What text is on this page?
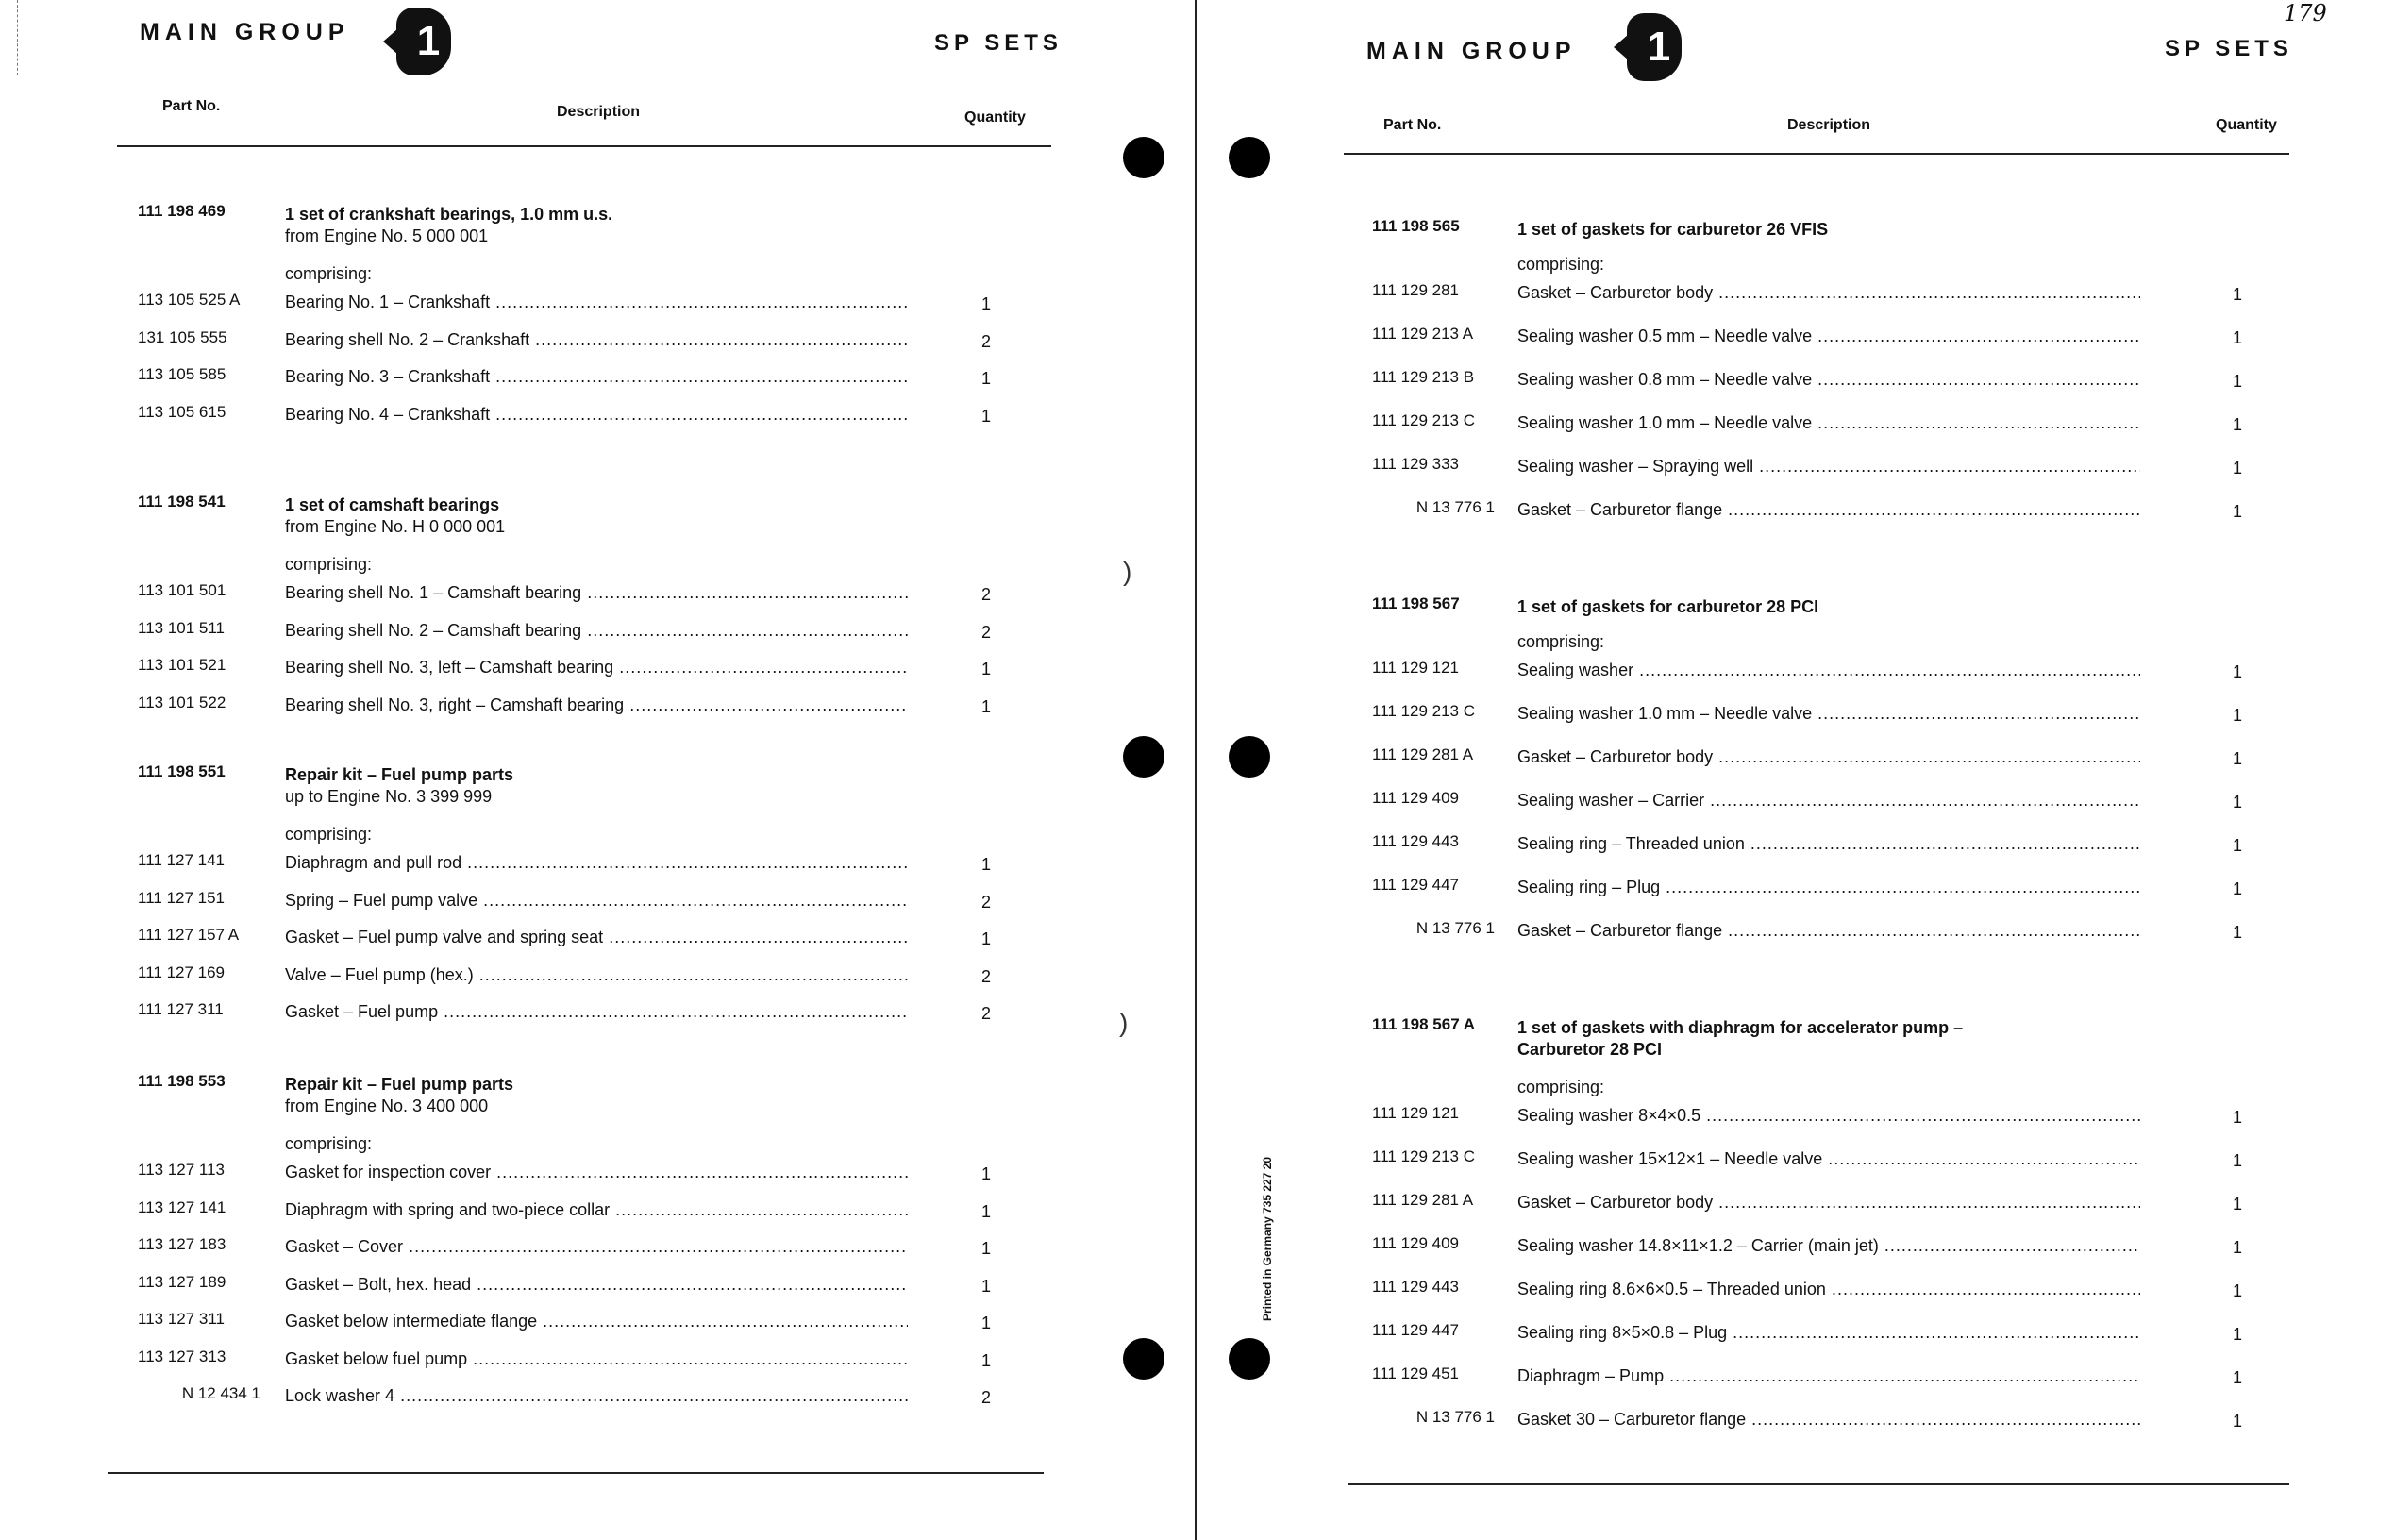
MAIN GROUP 1	SP SETS
Part No.	Description	Quantity
111 198 469	1 set of crankshaft bearings, 1.0 mm u.s.
from Engine No. 5 000 001
comprising:
113 105 525 A	Bearing No. 1 – Crankshaft .....	1
131 105 555	Bearing shell No. 2 – Crankshaft .....	2
113 105 585	Bearing No. 3 – Crankshaft .....	1
113 105 615	Bearing No. 4 – Crankshaft .....	1
111 198 541	1 set of camshaft bearings
from Engine No. H 0 000 001
comprising:
113 101 501	Bearing shell No. 1 – Camshaft bearing .....	2
113 101 511	Bearing shell No. 2 – Camshaft bearing .....	2
113 101 521	Bearing shell No. 3, left – Camshaft bearing .....	1
113 101 522	Bearing shell No. 3, right – Camshaft bearing .....	1
111 198 551	Repair kit – Fuel pump parts
up to Engine No. 3 399 999
comprising:
111 127 141	Diaphragm and pull rod .....	1
111 127 151	Spring – Fuel pump valve .....	2
111 127 157 A	Gasket – Fuel pump valve and spring seat .....	1
111 127 169	Valve – Fuel pump (hex.) .....	2
111 127 311	Gasket – Fuel pump .....	2
111 198 553	Repair kit – Fuel pump parts
from Engine No. 3 400 000
comprising:
113 127 113	Gasket for inspection cover .....	1
113 127 141	Diaphragm with spring and two-piece collar .....	1
113 127 183	Gasket – Cover .....	1
113 127 189	Gasket – Bolt, hex. head .....	1
113 127 311	Gasket below intermediate flange .....	1
113 127 313	Gasket below fuel pump .....	1
N 12 434 1 Lock washer 4 .....	2
)
)
Printed in Germany 735 227 20
MAIN GROUP 1	SP SETS
179
Part No.	Description	Quantity
111 198 565	1 set of gaskets for carburetor 26 VFIS
comprising:
111 129 281	Gasket – Carburetor body .....	1
111 129 213 A	Sealing washer 0.5 mm – Needle valve .....	1
111 129 213 B	Sealing washer 0.8 mm – Needle valve .....	1
111 129 213 C	Sealing washer 1.0 mm – Needle valve .....	1
111 129 333	Sealing washer – Spraying well .....	1
N 13 776 1 Gasket – Carburetor flange .....	1
111 198 567	1 set of gaskets for carburetor 28 PCI
comprising:
111 129 121	Sealing washer .....	1
111 129 213 C	Sealing washer 1.0 mm – Needle valve .....	1
111 129 281 A	Gasket – Carburetor body .....	1
111 129 409	Sealing washer – Carrier .....	1
111 129 443	Sealing ring – Threaded union .....	1
111 129 447	Sealing ring – Plug .....	1
N 13 776 1 Gasket – Carburetor flange .....	1
111 198 567 A	1 set of gaskets with diaphragm for accelerator pump –
Carburetor 28 PCI
comprising:
111 129 121	Sealing washer 8×4×0.5 .....	1
111 129 213 C	Sealing washer 15×12×1 – Needle valve .....	1
111 129 281 A	Gasket – Carburetor body .....	1
111 129 409	Sealing washer 14.8×11×1.2 – Carrier (main jet) .....	1
111 129 443	Sealing ring 8.6×6×0.5 – Threaded union .....	1
111 129 447	Sealing ring 8×5×0.8 – Plug .....	1
111 129 451	Diaphragm – Pump .....	1
N 13 776 1 Gasket 30 – Carburetor flange .....	1
